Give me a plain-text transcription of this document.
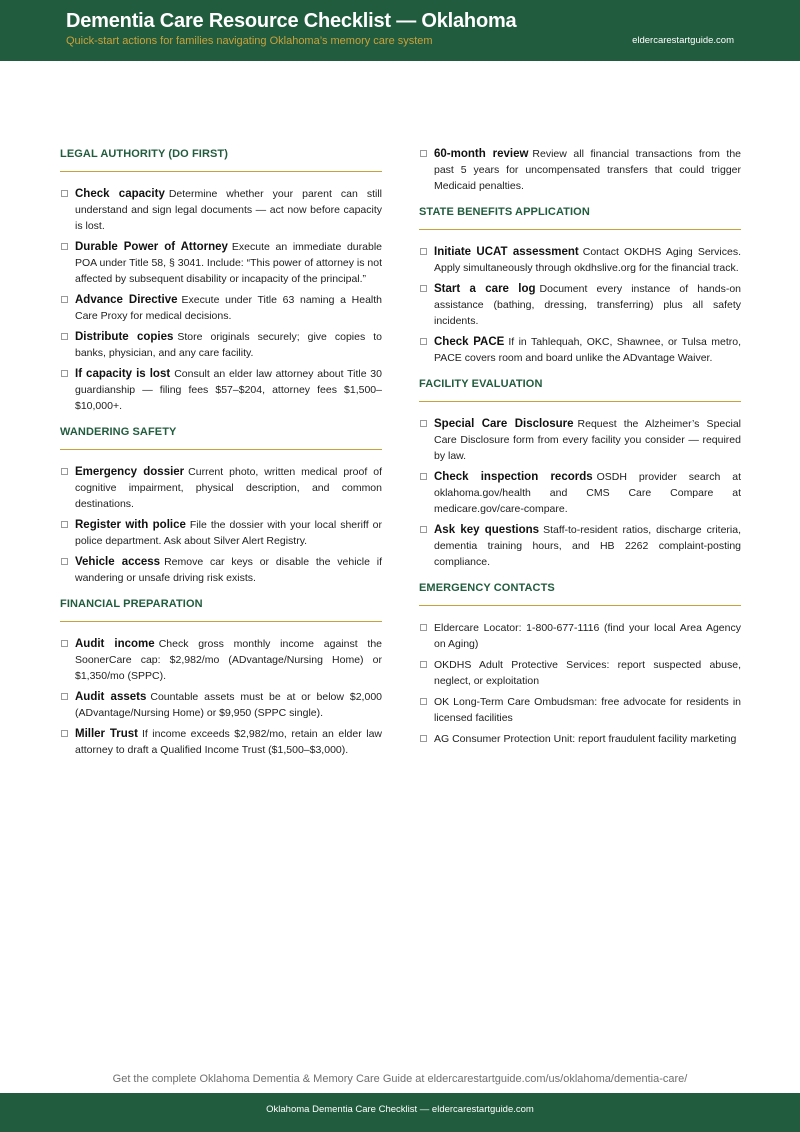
Dementia Care Resource Checklist — Oklahoma
Quick-start actions for families navigating Oklahoma’s memory care system	eldercarestartguide.com
LEGAL AUTHORITY (DO FIRST)
Check capacity Determine whether your parent can still understand and sign legal documents — act now before capacity is lost.
Durable Power of Attorney Execute an immediate durable POA under Title 58, § 3041. Include: “This power of attorney is not affected by subsequent disability or incapacity of the principal.”
Advance Directive Execute under Title 63 naming a Health Care Proxy for medical decisions.
Distribute copies Store originals securely; give copies to banks, physician, and any care facility.
If capacity is lost Consult an elder law attorney about Title 30 guardianship — filing fees $57–$204, attorney fees $1,500–$10,000+.
WANDERING SAFETY
Emergency dossier Current photo, written medical proof of cognitive impairment, physical description, and common destinations.
Register with police File the dossier with your local sheriff or police department. Ask about Silver Alert Registry.
Vehicle access Remove car keys or disable the vehicle if wandering or unsafe driving risk exists.
FINANCIAL PREPARATION
Audit income Check gross monthly income against the SoonerCare cap: $2,982/mo (ADvantage/Nursing Home) or $1,350/mo (SPPC).
Audit assets Countable assets must be at or below $2,000 (ADvantage/Nursing Home) or $9,950 (SPPC single).
Miller Trust If income exceeds $2,982/mo, retain an elder law attorney to draft a Qualified Income Trust ($1,500–$3,000).
60-month review Review all financial transactions from the past 5 years for uncompensated transfers that could trigger Medicaid penalties.
STATE BENEFITS APPLICATION
Initiate UCAT assessment Contact OKDHS Aging Services. Apply simultaneously through okdhslive.org for the financial track.
Start a care log Document every instance of hands-on assistance (bathing, dressing, transferring) plus all safety incidents.
Check PACE If in Tahlequah, OKC, Shawnee, or Tulsa metro, PACE covers room and board unlike the ADvantage Waiver.
FACILITY EVALUATION
Special Care Disclosure Request the Alzheimer’s Special Care Disclosure form from every facility you consider — required by law.
Check inspection records OSDH provider search at oklahoma.gov/health and CMS Care Compare at medicare.gov/care-compare.
Ask key questions Staff-to-resident ratios, discharge criteria, dementia training hours, and HB 2262 complaint-posting compliance.
EMERGENCY CONTACTS
Eldercare Locator: 1-800-677-1116 (find your local Area Agency on Aging)
OKDHS Adult Protective Services: report suspected abuse, neglect, or exploitation
OK Long-Term Care Ombudsman: free advocate for residents in licensed facilities
AG Consumer Protection Unit: report fraudulent facility marketing
Get the complete Oklahoma Dementia & Memory Care Guide at eldercarestartguide.com/us/oklahoma/dementia-care/
Oklahoma Dementia Care Checklist — eldercarestartguide.com
